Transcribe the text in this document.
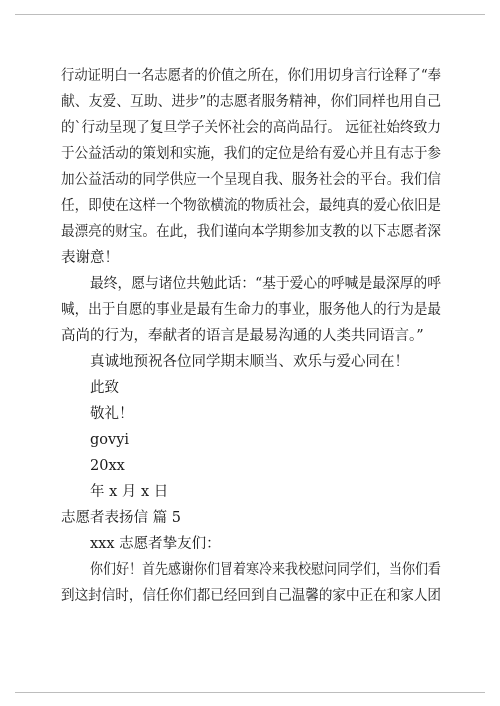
行动证明白一名志愿者的价值之所在，你们用切身言行诠释了“奉
献、友爱、互助、进步”的志愿者服务精神，你们同样也用自己
的`行动呈现了复旦学子关怀社会的高尚品行。 远征社始终致力
于公益活动的策划和实施，我们的定位是给有爱心并且有志于参
加公益活动的同学供应一个呈现自我、服务社会的平台。我们信
任，即使在这样一个物欲横流的物质社会，最纯真的爱心依旧是
最漂亮的财宝。在此，我们谨向本学期参加支教的以下志愿者深
表谢意！
最终，愿与诸位共勉此话：“基于爱心的呼喊是最深厚的呼
喊，出于自愿的事业是最有生命力的事业，服务他人的行为是最
高尚的行为，奉献者的语言是最易沟通的人类共同语言。”
真诚地预祝各位同学期末顺当、欢乐与爱心同在！
此致
敬礼！
govyi
20xx
年 x 月 x 日
志愿者表扬信 篇 5
xxx 志愿者挚友们：
你们好！首先感谢你们冒着寒冷来我校慰问同学们，当你们看
到这封信时，信任你们都已经回到自己温馨的家中正在和家人团
